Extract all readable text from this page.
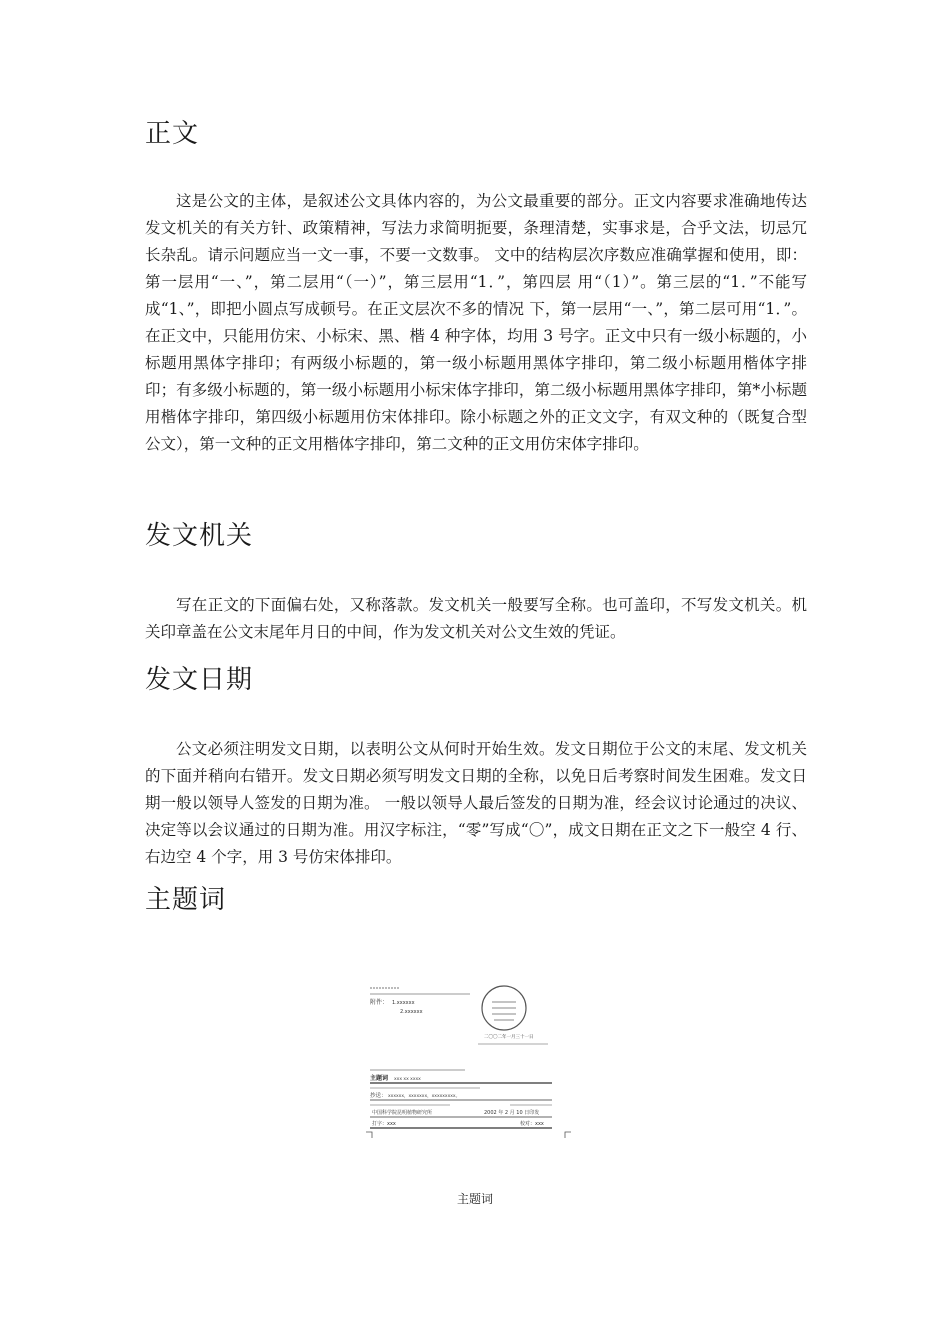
正文

这是公文的主体，是叙述公文具体内容的，为公文最重要的部分。正文内容要求准确地传达发文机关的有关方针、政策精神，写法力求简明扼要，条理清楚，实事求是，合乎文法，切忌冗长杂乱。请示问题应当一文一事，不要一文数事。 文中的结构层次序数应准确掌握和使用，即：第一层用“一、”，第二层用“（一）”，第三层用“1．”，第四层 用“（1）”。第三层的“1．”不能写成“1、”，即把小圆点写成顿号。在正文层次不多的情况 下，第一层用“一、”，第二层可用“1．”。 在正文中，只能用仿宋、小标宋、黑、楷 4 种字体，均用 3 号字。正文中只有一级小标题的，小标题用黑体字排印；有两级小标题的，第一级小标题用黑体字排印，第二级小标题用楷体字排印；有多级小标题的，第一级小标题用小标宋体字排印，第二级小标题用黑体字排印，第*小标题用楷体字排印，第四级小标题用仿宋体排印。除小标题之外的正文文字，有双文种的（既复合型公文），第一文种的正文用楷体字排印，第二文种的正文用仿宋体字排印。

发文机关

写在正文的下面偏右处，又称落款。发文机关一般要写全称。也可盖印，不写发文机关。机关印章盖在公文末尾年月日的中间，作为发文机关对公文生效的凭证。

发文日期

公文必须注明发文日期，以表明公文从何时开始生效。发文日期位于公文的末尾、发文机关的下面并稍向右错开。发文日期必须写明发文日期的全称，以免日后考察时间发生困难。发文日期一般以领导人签发的日期为准。 一般以领导人最后签发的日期为准，经会议讨论通过的决议、决定等以会议通过的日期为准。用汉字标注，“零”写成“〇”，成文日期在正文之下一般空 4 行、右边空 4 个字，用 3 号仿宋体排印。

主题词
附件： 1.xxxxxx
2.xxxxxx
二〇〇二年一月三十一日
主题词 xxx xx xxxx
抄送： xxxxxx，xxxxxxx，xxxxxxxxx。
中国科学院昆明植物研究所	2002 年 2 月 10 日印发
打字：xxx	校对：xxx

主题词
